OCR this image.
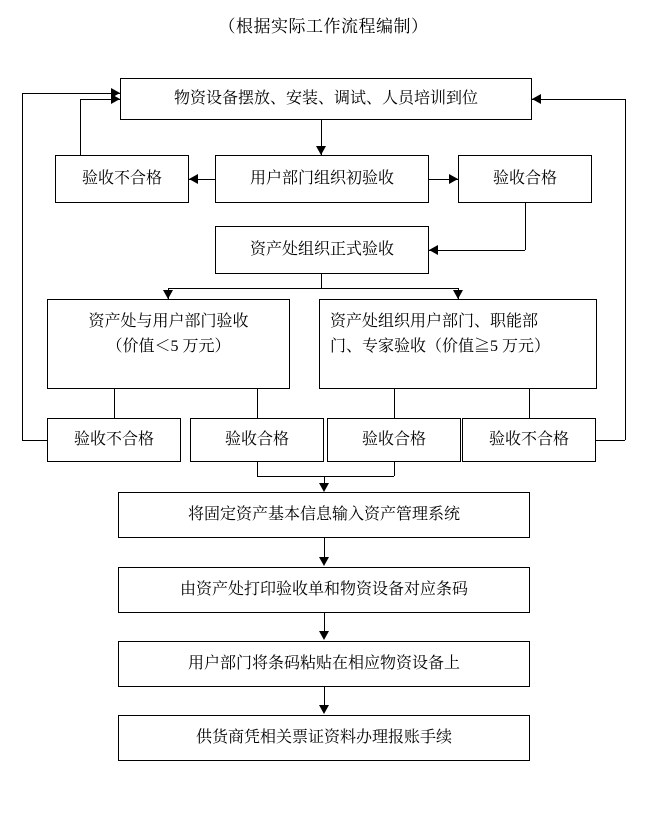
（根据实际工作流程编制）
物资设备摆放、安装、调试、人员培训到位
验收不合格	用户部门组织初验收	验收合格
资产处组织正式验收
资产处与用户部门验收
（价值＜5 万元）
资产处组织用户部门、职能部
门、专家验收（价值≧5 万元）
验收不合格	验收合格	验收合格	验收不合格
将固定资产基本信息输入资产管理系统
由资产处打印验收单和物资设备对应条码
用户部门将条码粘贴在相应物资设备上
供货商凭相关票证资料办理报账手续
